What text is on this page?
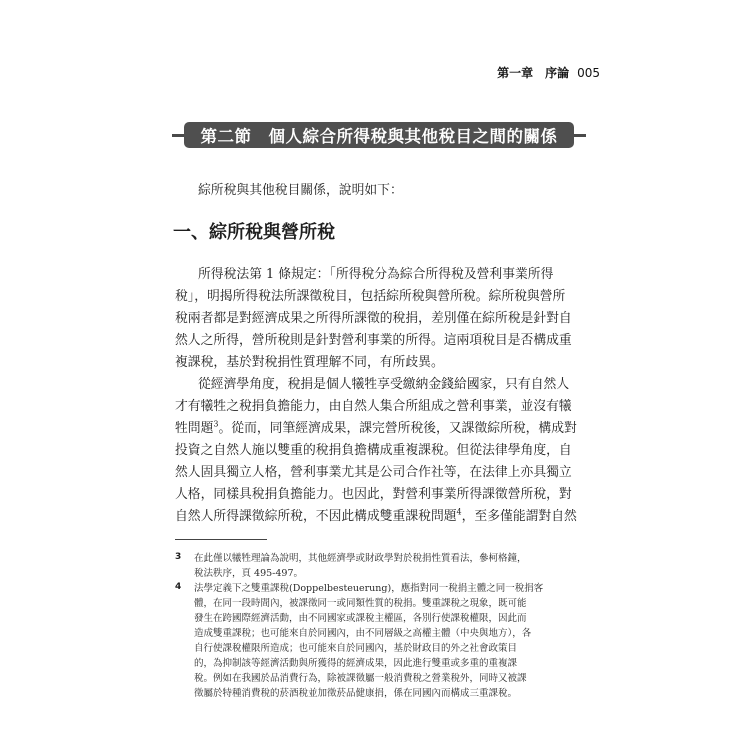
第一章　序論 005
第二節　個人綜合所得稅與其他稅目之間的關係
綜所稅與其他稅目關係，說明如下：
一、綜所稅與營所稅
所得稅法第 1 條規定：「所得稅分為綜合所得稅及營利事業所得
稅」，明揭所得稅法所課徵稅目，包括綜所稅與營所稅。綜所稅與營所
稅兩者都是對經濟成果之所得所課徵的稅捐，差別僅在綜所稅是針對自
然人之所得，營所稅則是針對營利事業的所得。這兩項稅目是否構成重
複課稅，基於對稅捐性質理解不同，有所歧異。
從經濟學角度，稅捐是個人犧牲享受繳納金錢給國家，只有自然人
才有犧牲之稅捐負擔能力，由自然人集合所組成之營利事業，並沒有犧
牲問題$^3$。從而，同筆經濟成果，課完營所稅後，又課徵綜所稅，構成對
投資之自然人施以雙重的稅捐負擔構成重複課稅。但從法律學角度，自
然人固具獨立人格，營利事業尤其是公司合作社等，在法律上亦具獨立
人格，同樣具稅捐負擔能力。也因此，對營利事業所得課徵營所稅，對
自然人所得課徵綜所稅，不因此構成雙重課稅問題$^4$，至多僅能謂對自然
3 在此僅以犧牲理論為說明，其他經濟學或財政學對於稅捐性質看法，參柯格鐘，
稅法秩序，頁 495-497。
4 法學定義下之雙重課稅(Doppelbesteuerung)，應指對同一稅捐主體之同一稅捐客
體，在同一段時間內，被課徵同一或同類性質的稅捐。雙重課稅之現象，既可能
發生在跨國際經濟活動，由不同國家或課稅主權區，各別行使課稅權限，因此而
造成雙重課稅；也可能來自於同國內，由不同層級之高權主體（中央與地方），各
自行使課稅權限所造成；也可能來自於同國內，基於財政目的外之社會政策目
的，為抑制該等經濟活動與所獲得的經濟成果，因此進行雙重或多重的重複課
稅。例如在我國於品消費行為，除被課徵屬一般消費稅之營業稅外，同時又被課
徵屬於特種消費稅的菸酒稅並加徵菸品健康捐，係在同國內而構成三重課稅。
